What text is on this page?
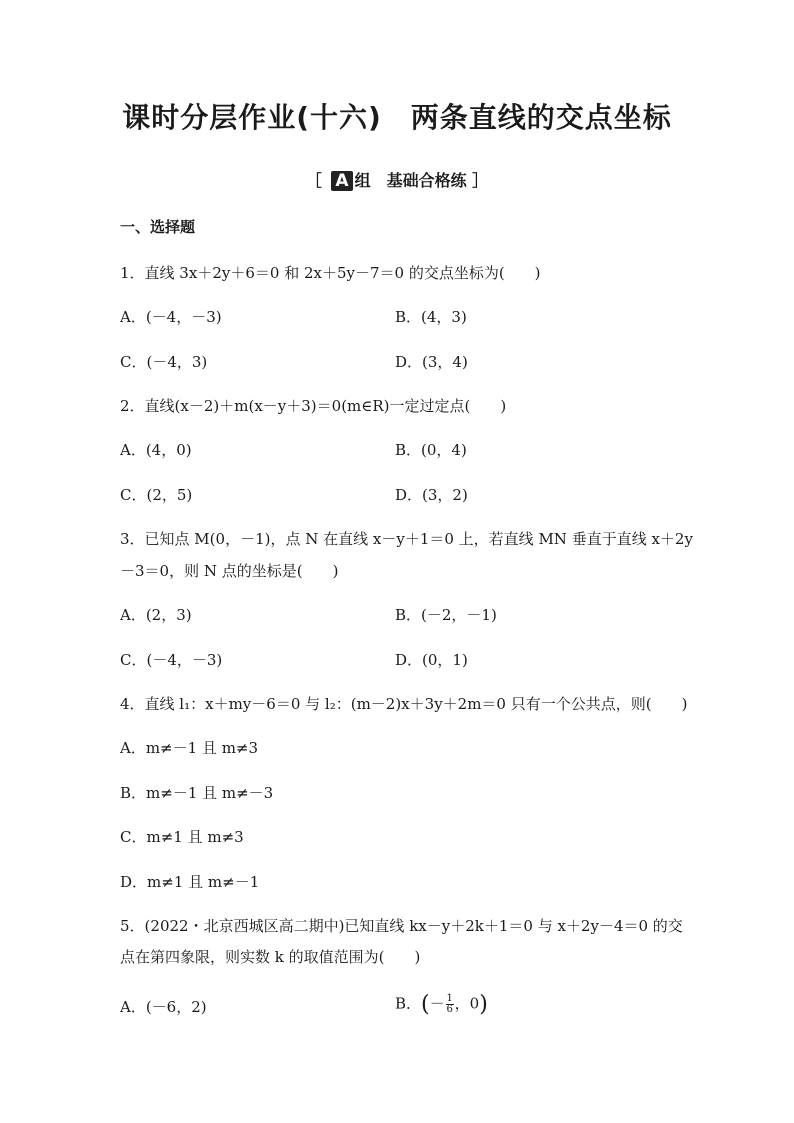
课时分层作业(十六)　两条直线的交点坐标
［ A 组 基础合格练 ］
一、选择题
1．直线 3x＋2y＋6＝0 和 2x＋5y－7＝0 的交点坐标为(　　)
A．(－4，－3)	B．(4，3)
C．(－4，3)	D．(3，4)
2．直线(x－2)＋m(x－y＋3)＝0(m∈R)一定过定点(　　)
A．(4，0)	B．(0，4)
C．(2，5)	D．(3，2)
3．已知点 M(0，－1)，点 N 在直线 x－y＋1＝0 上，若直线 MN 垂直于直线 x＋2y
－3＝0，则 N 点的坐标是(　　)
A．(2，3)	B．(－2，－1)
C．(－4，－3)	D．(0，1)
4．直线 l₁：x＋my－6＝0 与 l₂：(m－2)x＋3y＋2m＝0 只有一个公共点，则(　　)
A．m≠－1 且 m≠3
B．m≠－1 且 m≠－3
C．m≠1 且 m≠3
D．m≠1 且 m≠－1
5．(2022・北京西城区高二期中)已知直线 kx－y＋2k＋1＝0 与 x＋2y－4＝0 的交
点在第四象限，则实数 k 的取值范围为(　　)
A．(－6，2)	B．(－ $\frac{1}{6}$ ，0)
